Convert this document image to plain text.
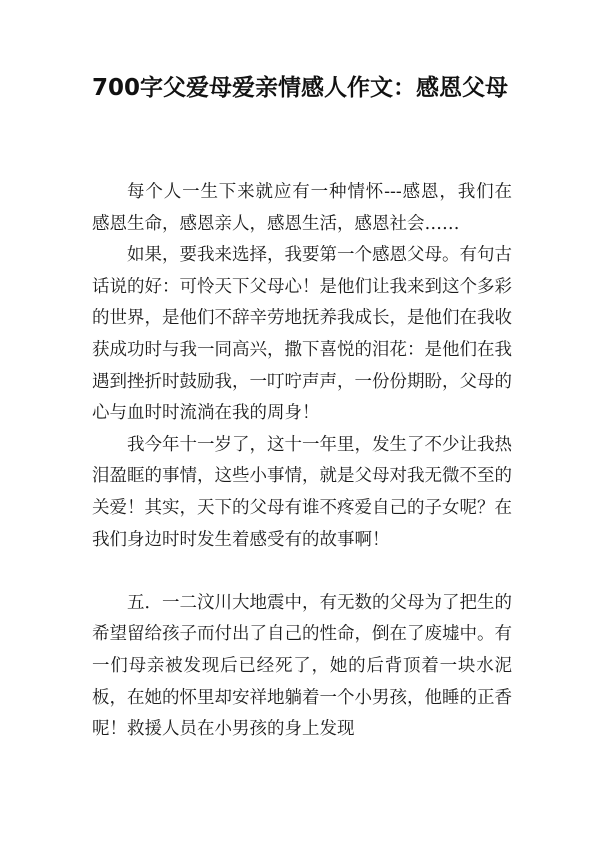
700字父爱母爱亲情感人作文：感恩父母

每个人一生下来就应有一种情怀---感恩，我们在感恩生命，感恩亲人，感恩生活，感恩社会……

如果，要我来选择，我要第一个感恩父母。有句古话说的好：可怜天下父母心！是他们让我来到这个多彩的世界，是他们不辞辛劳地抚养我成长，是他们在我收获成功时与我一同高兴，撒下喜悦的泪花：是他们在我遇到挫折时鼓励我，一叮咛声声，一份份期盼，父母的心与血时时流淌在我的周身！

我今年十一岁了，这十一年里，发生了不少让我热泪盈眶的事情，这些小事情，就是父母对我无微不至的关爱！其实，天下的父母有谁不疼爱自己的子女呢？在我们身边时时发生着感受有的故事啊！

五．一二汶川大地震中，有无数的父母为了把生的希望留给孩子而付出了自己的性命，倒在了废墟中。有一们母亲被发现后已经死了，她的后背顶着一块水泥板，在她的怀里却安祥地躺着一个小男孩，他睡的正香呢！救援人员在小男孩的身上发现
